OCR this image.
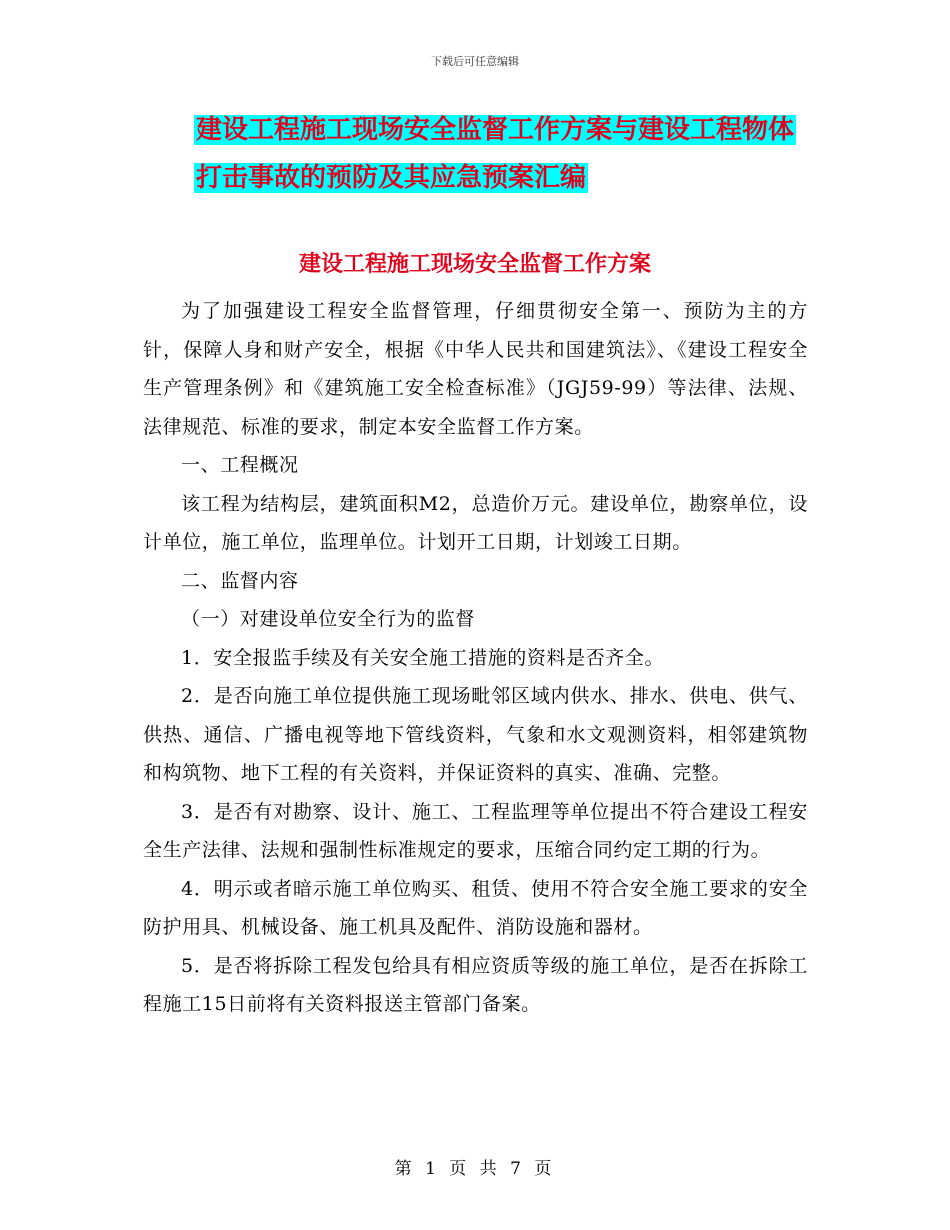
下载后可任意编辑
建设工程施工现场安全监督工作方案与建设工程物体
打击事故的预防及其应急预案汇编
建设工程施工现场安全监督工作方案

为了加强建设工程安全监督管理，仔细贯彻安全第一、预防为主的方针，保障人身和财产安全，根据《中华人民共和国建筑法》、《建设工程安全生产管理条例》和《建筑施工安全检查标准》（JGJ59-99）等法律、法规、法律规范、标准的要求，制定本安全监督工作方案。

一、工程概况

该工程为结构层，建筑面积M2，总造价万元。建设单位，勘察单位，设计单位，施工单位，监理单位。计划开工日期，计划竣工日期。

二、监督内容

（一）对建设单位安全行为的监督

1．安全报监手续及有关安全施工措施的资料是否齐全。

2．是否向施工单位提供施工现场毗邻区域内供水、排水、供电、供气、供热、通信、广播电视等地下管线资料，气象和水文观测资料，相邻建筑物和构筑物、地下工程的有关资料，并保证资料的真实、准确、完整。

3．是否有对勘察、设计、施工、工程监理等单位提出不符合建设工程安全生产法律、法规和强制性标准规定的要求，压缩合同约定工期的行为。

4．明示或者暗示施工单位购买、租赁、使用不符合安全施工要求的安全防护用具、机械设备、施工机具及配件、消防设施和器材。

5．是否将拆除工程发包给具有相应资质等级的施工单位，是否在拆除工程施工15日前将有关资料报送主管部门备案。

第 1 页 共 7 页
